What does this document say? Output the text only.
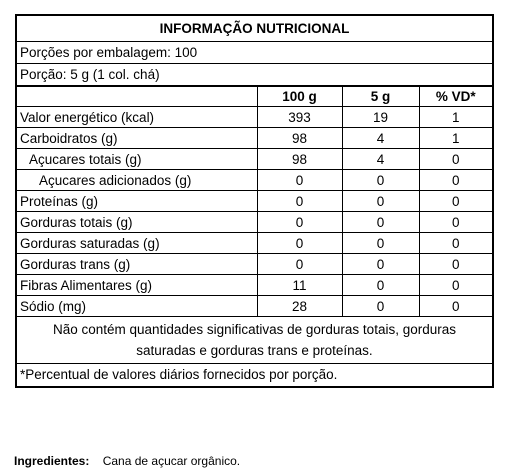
INFORMAÇÃO NUTRICIONAL
Porções por embalagem: 100
Porção: 5 g (1 col. chá)
	100 g	5 g	% VD*
Valor energético (kcal)	393	19	1
Carboidratos (g)	98	4	1
Açucares totais (g)	98	4	0
Açucares adicionados (g)	0	0	0
Proteínas (g)	0	0	0
Gorduras totais (g)	0	0	0
Gorduras saturadas (g)	0	0	0
Gorduras trans (g)	0	0	0
Fibras Alimentares (g)	11	0	0
Sódio (mg)	28	0	0
Não contém quantidades significativas de gorduras totais, gorduras saturadas e gorduras trans e proteínas.
*Percentual de valores diários fornecidos por porção.
Ingredientes: Cana de açucar orgânico.
